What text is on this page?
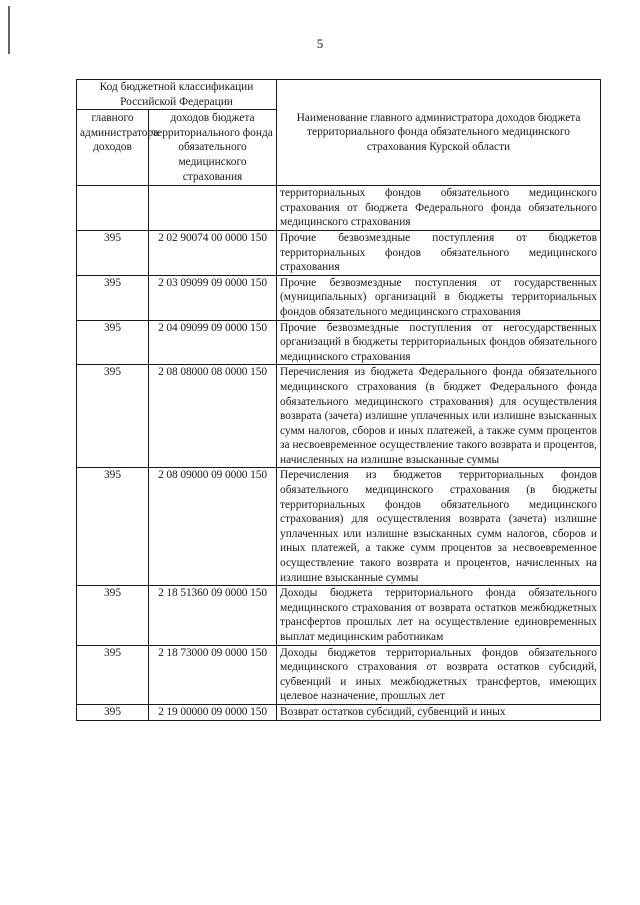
5
Код бюджетной классификации Российской Федерации		Наименование главного администратора доходов бюджета территориального фонда обязательного медицинского страхования Курской области
главного администратора доходов	доходов бюджета территориального фонда обязательного медицинского страхования	
		территориальных фондов обязательного медицинского страхования от бюджета Федерального фонда обязательного медицинского страхования
395	2 02 90074 00 0000 150	Прочие безвозмездные поступления от бюджетов территориальных фондов обязательного медицинского страхования
395	2 03 09099 09 0000 150	Прочие безвозмездные поступления от государственных (муниципальных) организаций в бюджеты территориальных фондов обязательного медицинского страхования
395	2 04 09099 09 0000 150	Прочие безвозмездные поступления от негосударственных организаций в бюджеты территориальных фондов обязательного медицинского страхования
395	2 08 08000 08 0000 150	Перечисления из бюджета Федерального фонда обязательного медицинского страхования (в бюджет Федерального фонда обязательного медицинского страхования) для осуществления возврата (зачета) излишне уплаченных или излишне взысканных сумм налогов, сборов и иных платежей, а также сумм процентов за несвоевременное осуществление такого возврата и процентов, начисленных на излишне взысканные суммы
395	2 08 09000 09 0000 150	Перечисления из бюджетов территориальных фондов обязательного медицинского страхования (в бюджеты территориальных фондов обязательного медицинского страхования) для осуществления возврата (зачета) излишне уплаченных или излишне взысканных сумм налогов, сборов и иных платежей, а также сумм процентов за несвоевременное осуществление такого возврата и процентов, начисленных на излишне взысканные суммы
395	2 18 51360 09 0000 150	Доходы бюджета территориального фонда обязательного медицинского страхования от возврата остатков межбюджетных трансфертов прошлых лет на осуществление единовременных выплат медицинским работникам
395	2 18 73000 09 0000 150	Доходы бюджетов территориальных фондов обязательного медицинского страхования от возврата остатков субсидий, субвенций и иных межбюджетных трансфертов, имеющих целевое назначение, прошлых лет
395	2 19 00000 09 0000 150	Возврат остатков субсидий, субвенций и иных
